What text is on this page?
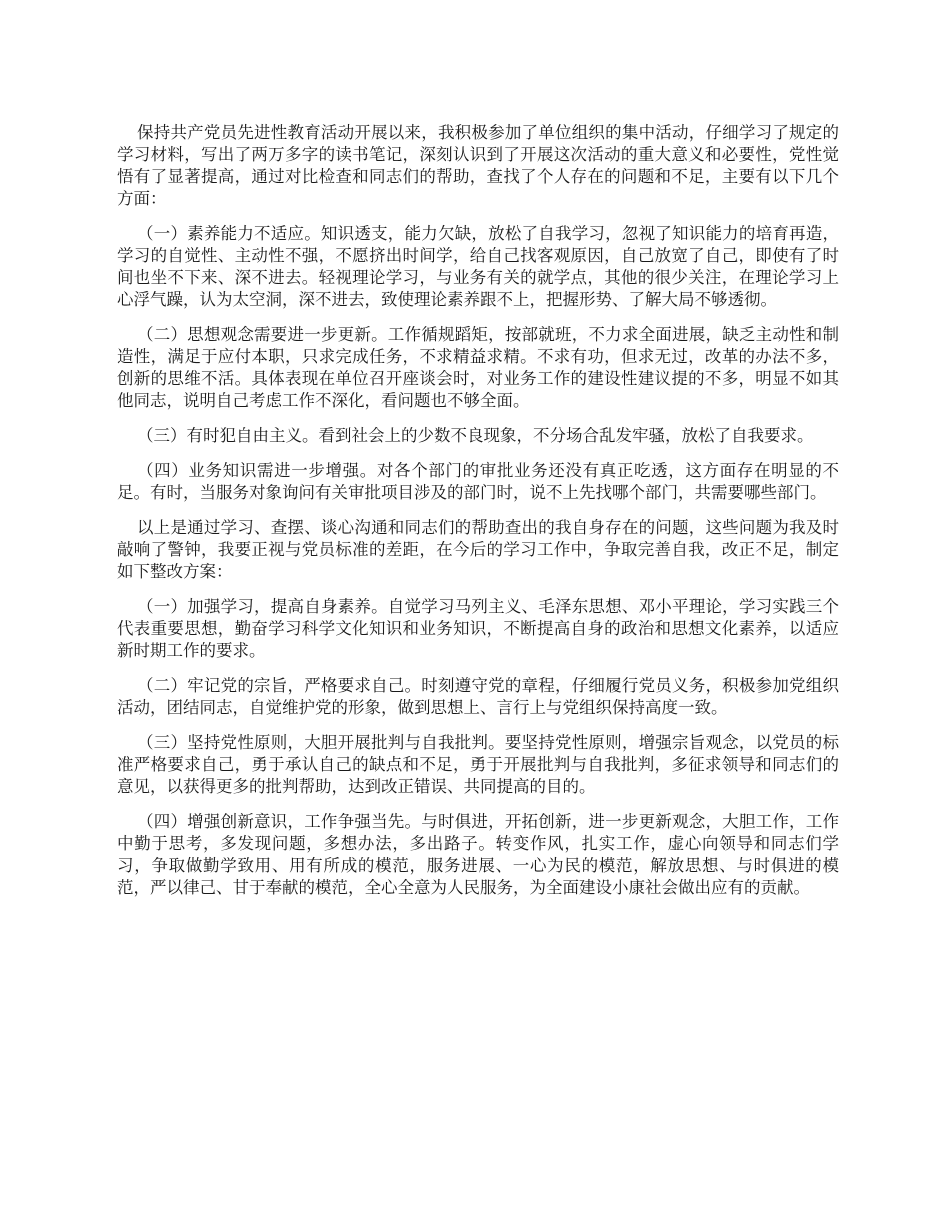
保持共产党员先进性教育活动开展以来，我积极参加了单位组织的集中活动，仔细学习了规定的学习材料，写出了两万多字的读书笔记，深刻认识到了开展这次活动的重大意义和必要性，党性觉悟有了显著提高，通过对比检查和同志们的帮助，查找了个人存在的问题和不足，主要有以下几个方面：

（一）素养能力不适应。知识透支，能力欠缺，放松了自我学习，忽视了知识能力的培育再造，学习的自觉性、主动性不强，不愿挤出时间学，给自己找客观原因，自己放宽了自己，即使有了时间也坐不下来、深不进去。轻视理论学习，与业务有关的就学点，其他的很少关注，在理论学习上心浮气躁，认为太空洞，深不进去，致使理论素养跟不上，把握形势、了解大局不够透彻。

（二）思想观念需要进一步更新。工作循规蹈矩，按部就班，不力求全面进展，缺乏主动性和制造性，满足于应付本职，只求完成任务，不求精益求精。不求有功，但求无过，改革的办法不多，创新的思维不活。具体表现在单位召开座谈会时，对业务工作的建设性建议提的不多，明显不如其他同志，说明自己考虑工作不深化，看问题也不够全面。

（三）有时犯自由主义。看到社会上的少数不良现象，不分场合乱发牢骚，放松了自我要求。

（四）业务知识需进一步增强。对各个部门的审批业务还没有真正吃透，这方面存在明显的不足。有时，当服务对象询问有关审批项目涉及的部门时，说不上先找哪个部门，共需要哪些部门。

以上是通过学习、查摆、谈心沟通和同志们的帮助查出的我自身存在的问题，这些问题为我及时敲响了警钟，我要正视与党员标准的差距，在今后的学习工作中，争取完善自我，改正不足，制定如下整改方案：

（一）加强学习，提高自身素养。自觉学习马列主义、毛泽东思想、邓小平理论，学习实践三个代表重要思想，勤奋学习科学文化知识和业务知识，不断提高自身的政治和思想文化素养，以适应新时期工作的要求。

（二）牢记党的宗旨，严格要求自己。时刻遵守党的章程，仔细履行党员义务，积极参加党组织活动，团结同志，自觉维护党的形象，做到思想上、言行上与党组织保持高度一致。

（三）坚持党性原则，大胆开展批判与自我批判。要坚持党性原则，增强宗旨观念，以党员的标准严格要求自己，勇于承认自己的缺点和不足，勇于开展批判与自我批判，多征求领导和同志们的意见，以获得更多的批判帮助，达到改正错误、共同提高的目的。

（四）增强创新意识，工作争强当先。与时俱进，开拓创新，进一步更新观念，大胆工作，工作中勤于思考，多发现问题，多想办法，多出路子。转变作风，扎实工作，虚心向领导和同志们学习，争取做勤学致用、用有所成的模范，服务进展、一心为民的模范，解放思想、与时俱进的模范，严以律己、甘于奉献的模范，全心全意为人民服务，为全面建设小康社会做出应有的贡献。
